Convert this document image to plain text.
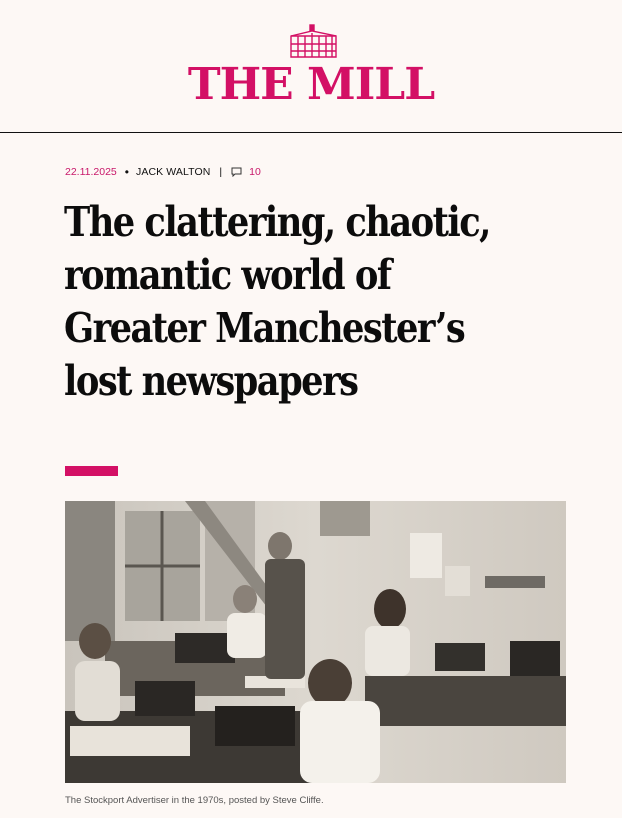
THE MILL
22.11.2025 • JACK WALTON |	10
The clattering, chaotic, romantic world of Greater Manchester’s lost newspapers
The Stockport Advertiser in the 1970s, posted by Steve Cliffe.
